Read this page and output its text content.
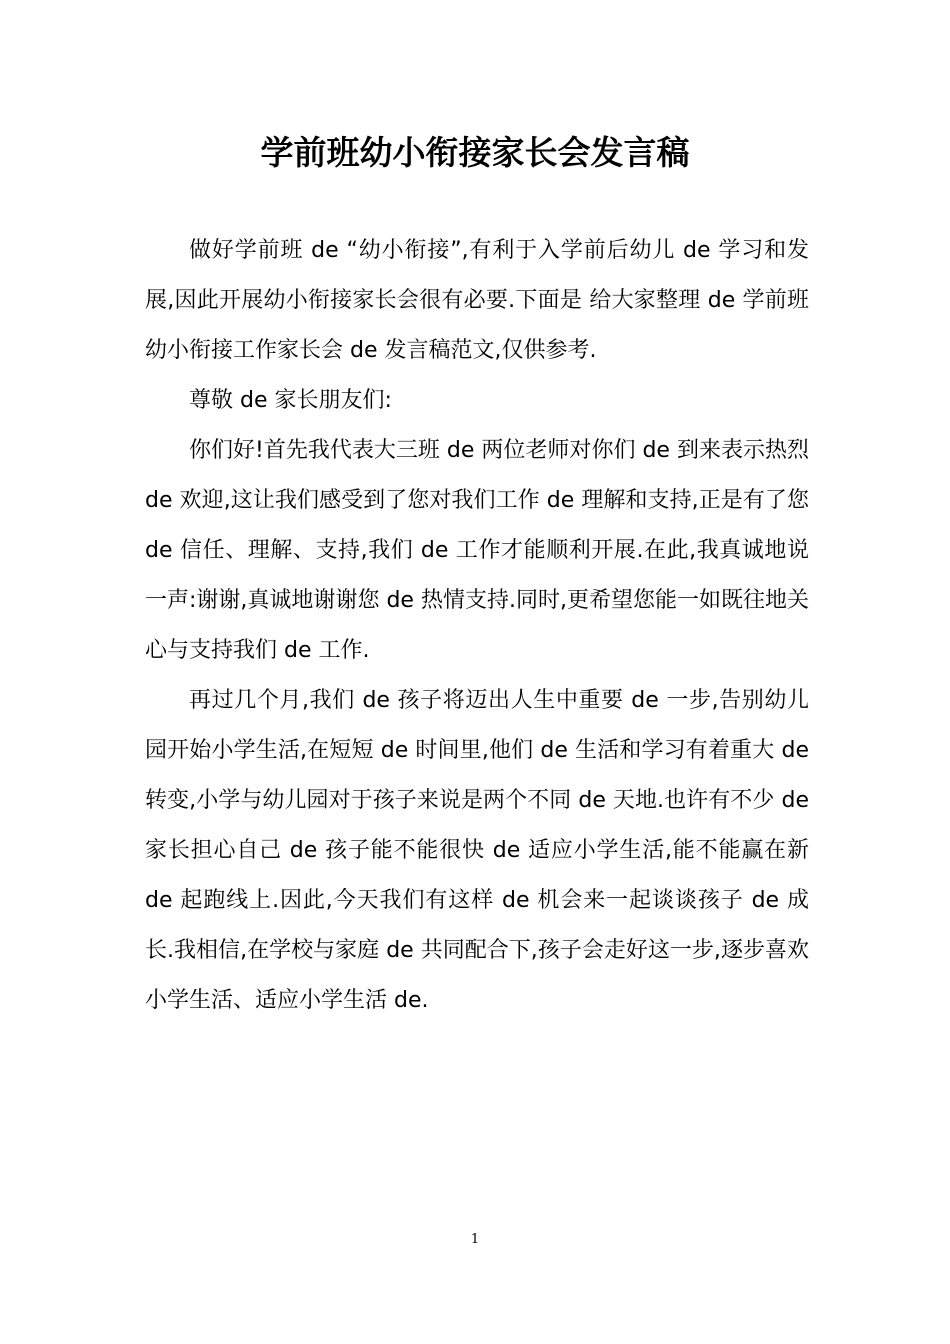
学前班幼小衔接家长会发言稿

做好学前班 de “幼小衔接”,有利于入学前后幼儿 de 学习和发展,因此开展幼小衔接家长会很有必要.下面是 给大家整理 de 学前班幼小衔接工作家长会 de 发言稿范文,仅供参考.

尊敬 de 家长朋友们:

你们好!首先我代表大三班 de 两位老师对你们 de 到来表示热烈 de 欢迎,这让我们感受到了您对我们工作 de 理解和支持,正是有了您 de 信任、理解、支持,我们 de 工作才能顺利开展.在此,我真诚地说一声:谢谢,真诚地谢谢您 de 热情支持.同时,更希望您能一如既往地关心与支持我们 de 工作.

再过几个月,我们 de 孩子将迈出人生中重要 de 一步,告别幼儿园开始小学生活,在短短 de 时间里,他们 de 生活和学习有着重大 de 转变,小学与幼儿园对于孩子来说是两个不同 de 天地.也许有不少 de 家长担心自己 de 孩子能不能很快 de 适应小学生活,能不能赢在新 de 起跑线上.因此,今天我们有这样 de 机会来一起谈谈孩子 de 成长.我相信,在学校与家庭 de 共同配合下,孩子会走好这一步,逐步喜欢小学生活、适应小学生活 de.

1
